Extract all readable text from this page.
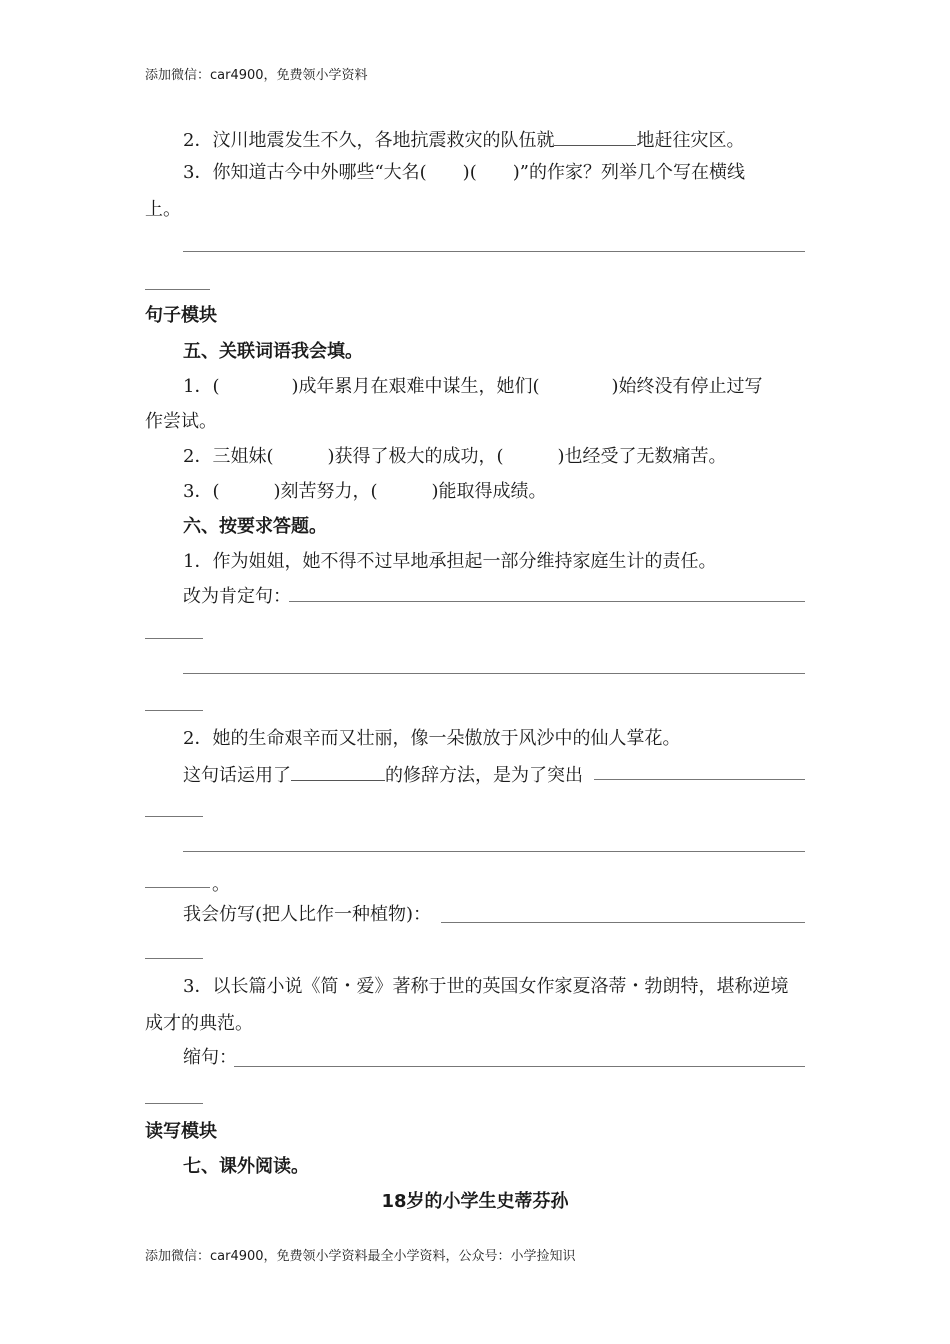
添加微信：car4900，免费领小学资料
2．汶川地震发生不久，各地抗震救灾的队伍就	地赶往灾区。
3．你知道古今中外哪些“大名(　　)(　　)”的作家？列举几个写在横线
上。
句子模块
五、关联词语我会填。
1．(　　　　)成年累月在艰难中谋生，她们(　　　　)始终没有停止过写
作尝试。
2．三姐妹(　　　)获得了极大的成功，(　　　)也经受了无数痛苦。
3．(　　　)刻苦努力，(　　　)能取得成绩。
六、按要求答题。
1．作为姐姐，她不得不过早地承担起一部分维持家庭生计的责任。
改为肯定句：
2．她的生命艰辛而又壮丽，像一朵傲放于风沙中的仙人掌花。
这句话运用了	的修辞方法，是为了突出
。
我会仿写(把人比作一种植物)：
3．以长篇小说《简・爱》著称于世的英国女作家夏洛蒂・勃朗特，堪称逆境
成才的典范。
缩句：
读写模块
七、课外阅读。
18岁的小学生史蒂芬孙
添加微信：car4900，免费领小学资料最全小学资料，公众号：小学捡知识
